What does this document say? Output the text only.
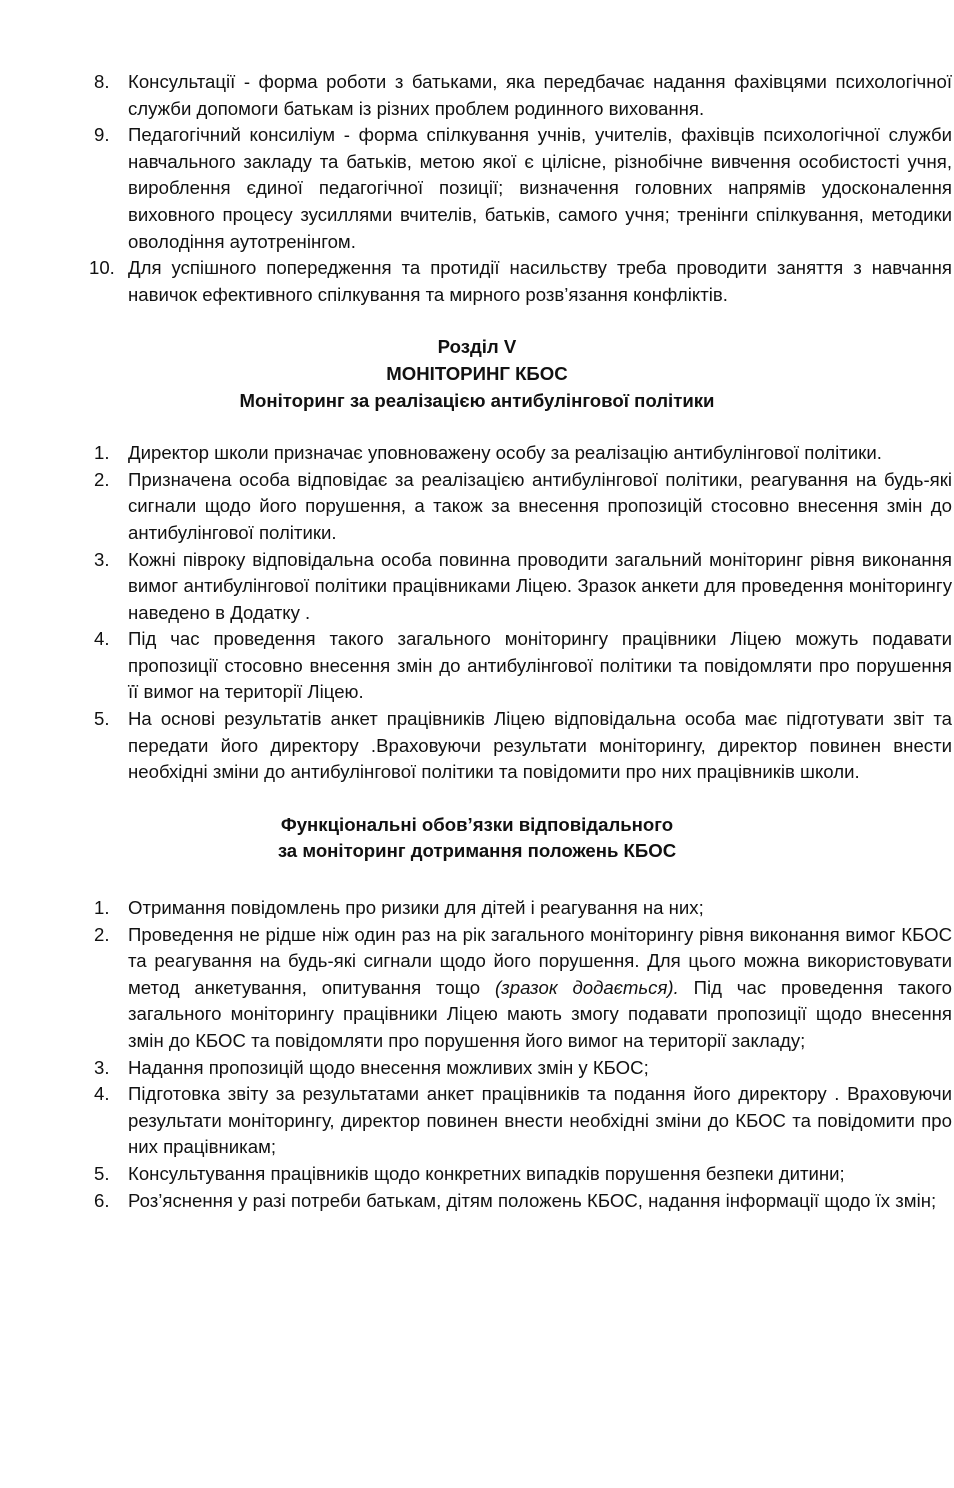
8. Консультації - форма роботи з батьками, яка передбачає надання фахівцями психологічної служби допомоги батькам із різних проблем родинного виховання.
9. Педагогічний консиліум - форма спілкування учнів, учителів, фахівців психологічної служби навчального закладу та батьків, метою якої є цілісне, різнобічне вивчення особистості учня, вироблення єдиної педагогічної позиції; визначення головних напрямів удосконалення виховного процесу зусиллями вчителів, батьків, самого учня; тренінги спілкування, методики оволодіння аутотренінгом.
10. Для успішного попередження та протидії насильству треба проводити заняття з навчання навичок ефективного спілкування та мирного розв’язання конфліктів.
Розділ V
МОНІТОРИНГ КБОС
Моніторинг за реалізацією антибулінгової політики
1. Директор школи призначає уповноважену особу за реалізацію антибулінгової політики.
2. Призначена особа відповідає за реалізацією антибулінгової політики, реагування на будь-які сигнали щодо його порушення, а також за внесення пропозицій стосовно внесення змін до антибулінгової політики.
3. Кожні півроку відповідальна особа повинна проводити загальний моніторинг рівня виконання вимог антибулінгової політики працівниками Ліцею. Зразок анкети для проведення моніторингу наведено в Додатку .
4. Під час проведення такого загального моніторингу працівники Ліцею можуть подавати пропозиції стосовно внесення змін до антибулінгової політики та повідомляти про порушення її вимог на території Ліцею.
5. На основі результатів анкет працівників Ліцею відповідальна особа має підготувати звіт та передати його директору .Враховуючи результати моніторингу, директор повинен внести необхідні зміни до антибулінгової політики та повідомити про них працівників школи.
Функціональні обов’язки відповідального
за моніторинг дотримання положень КБОС
1. Отримання повідомлень про ризики для дітей і реагування на них;
2. Проведення не рідше ніж один раз на рік загального моніторингу рівня виконання вимог КБОС та реагування на будь-які сигнали щодо його порушення. Для цього можна використовувати метод анкетування, опитування тощо (зразок додається). Під час проведення такого загального моніторингу працівники Ліцею мають змогу подавати пропозиції щодо внесення змін до КБОС та повідомляти про порушення його вимог на території закладу;
3. Надання пропозицій щодо внесення можливих змін у КБОС;
4. Підготовка звіту за результатами анкет працівників та подання його директору . Враховуючи результати моніторингу, директор повинен внести необхідні зміни до КБОС та повідомити про них працівникам;
5. Консультування працівників щодо конкретних випадків порушення безпеки дитини;
6. Роз’яснення у разі потреби батькам, дітям положень КБОС, надання інформації щодо їх змін;
